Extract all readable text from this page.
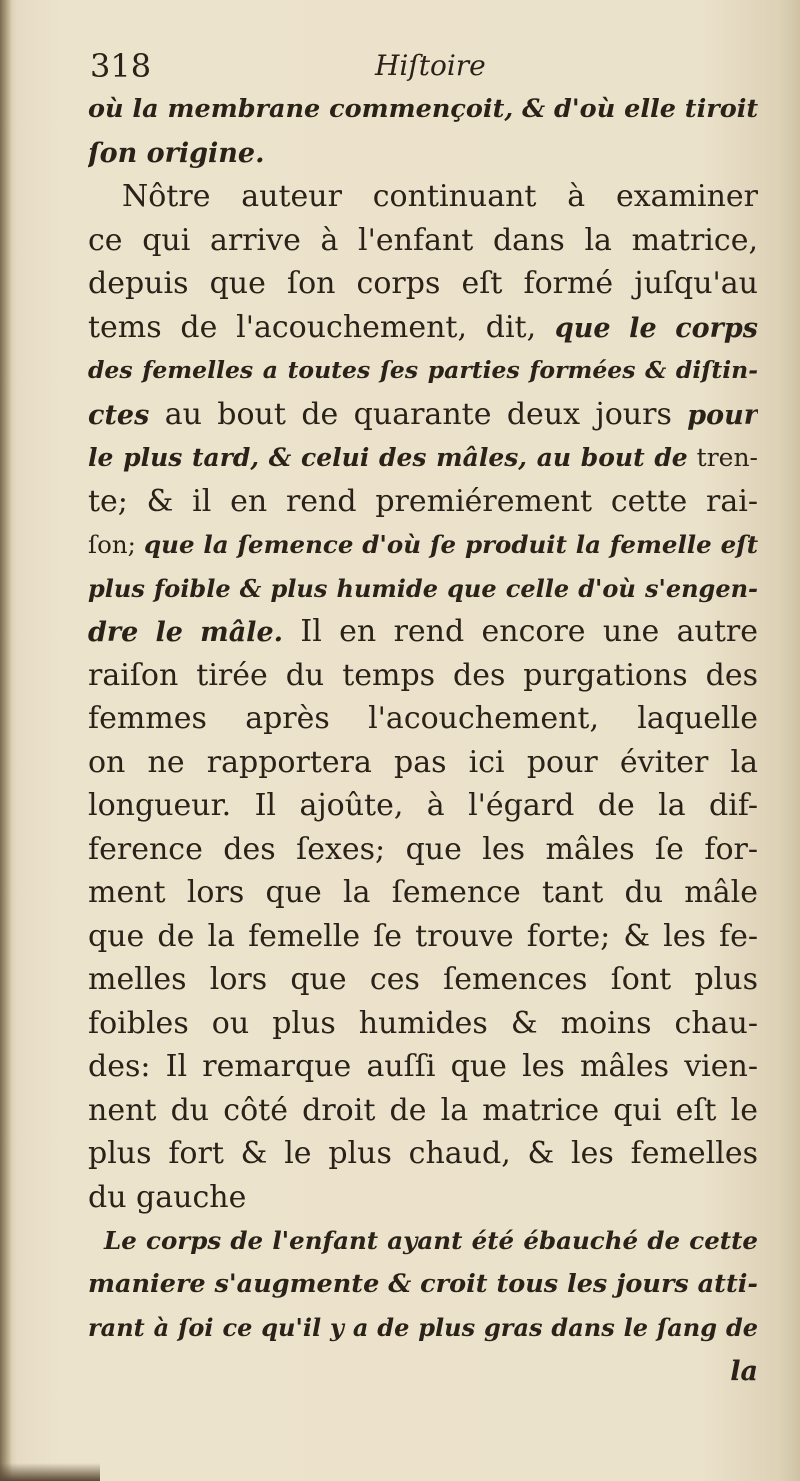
318	Hiſtoire
où la membrane commençoit, & d'où elle tiroit
ſon origine.
Nôtre auteur continuant à examiner
ce qui arrive à l'enfant dans la matrice,
depuis que ſon corps eſt formé juſqu'au
tems de l'acouchement, dit, que le corps
des femelles a toutes ſes parties formées & diſtin-
ctes au bout de quarante deux jours pour
le plus tard, & celui des mâles, au bout de tren-
te; & il en rend premiérement cette rai-
ſon; que la ſemence d'où ſe produit la femelle eſt
plus foible & plus humide que celle d'où s'engen-
dre le mâle. Il en rend encore une autre
raiſon tirée du temps des purgations des
femmes après l'acouchement, laquelle
on ne rapportera pas ici pour éviter la
longueur. Il ajoûte, à l'égard de la dif-
ference des ſexes; que les mâles ſe for-
ment lors que la ſemence tant du mâle
que de la femelle ſe trouve forte; & les fe-
melles lors que ces ſemences ſont plus
foibles ou plus humides & moins chau-
des: Il remarque auſſi que les mâles vien-
nent du côté droit de la matrice qui eſt le
plus fort & le plus chaud, & les femelles
du gauche
Le corps de l'enfant ayant été ébauché de cette
maniere s'augmente & croit tous les jours atti-
rant à ſoi ce qu'il y a de plus gras dans le ſang de
la
